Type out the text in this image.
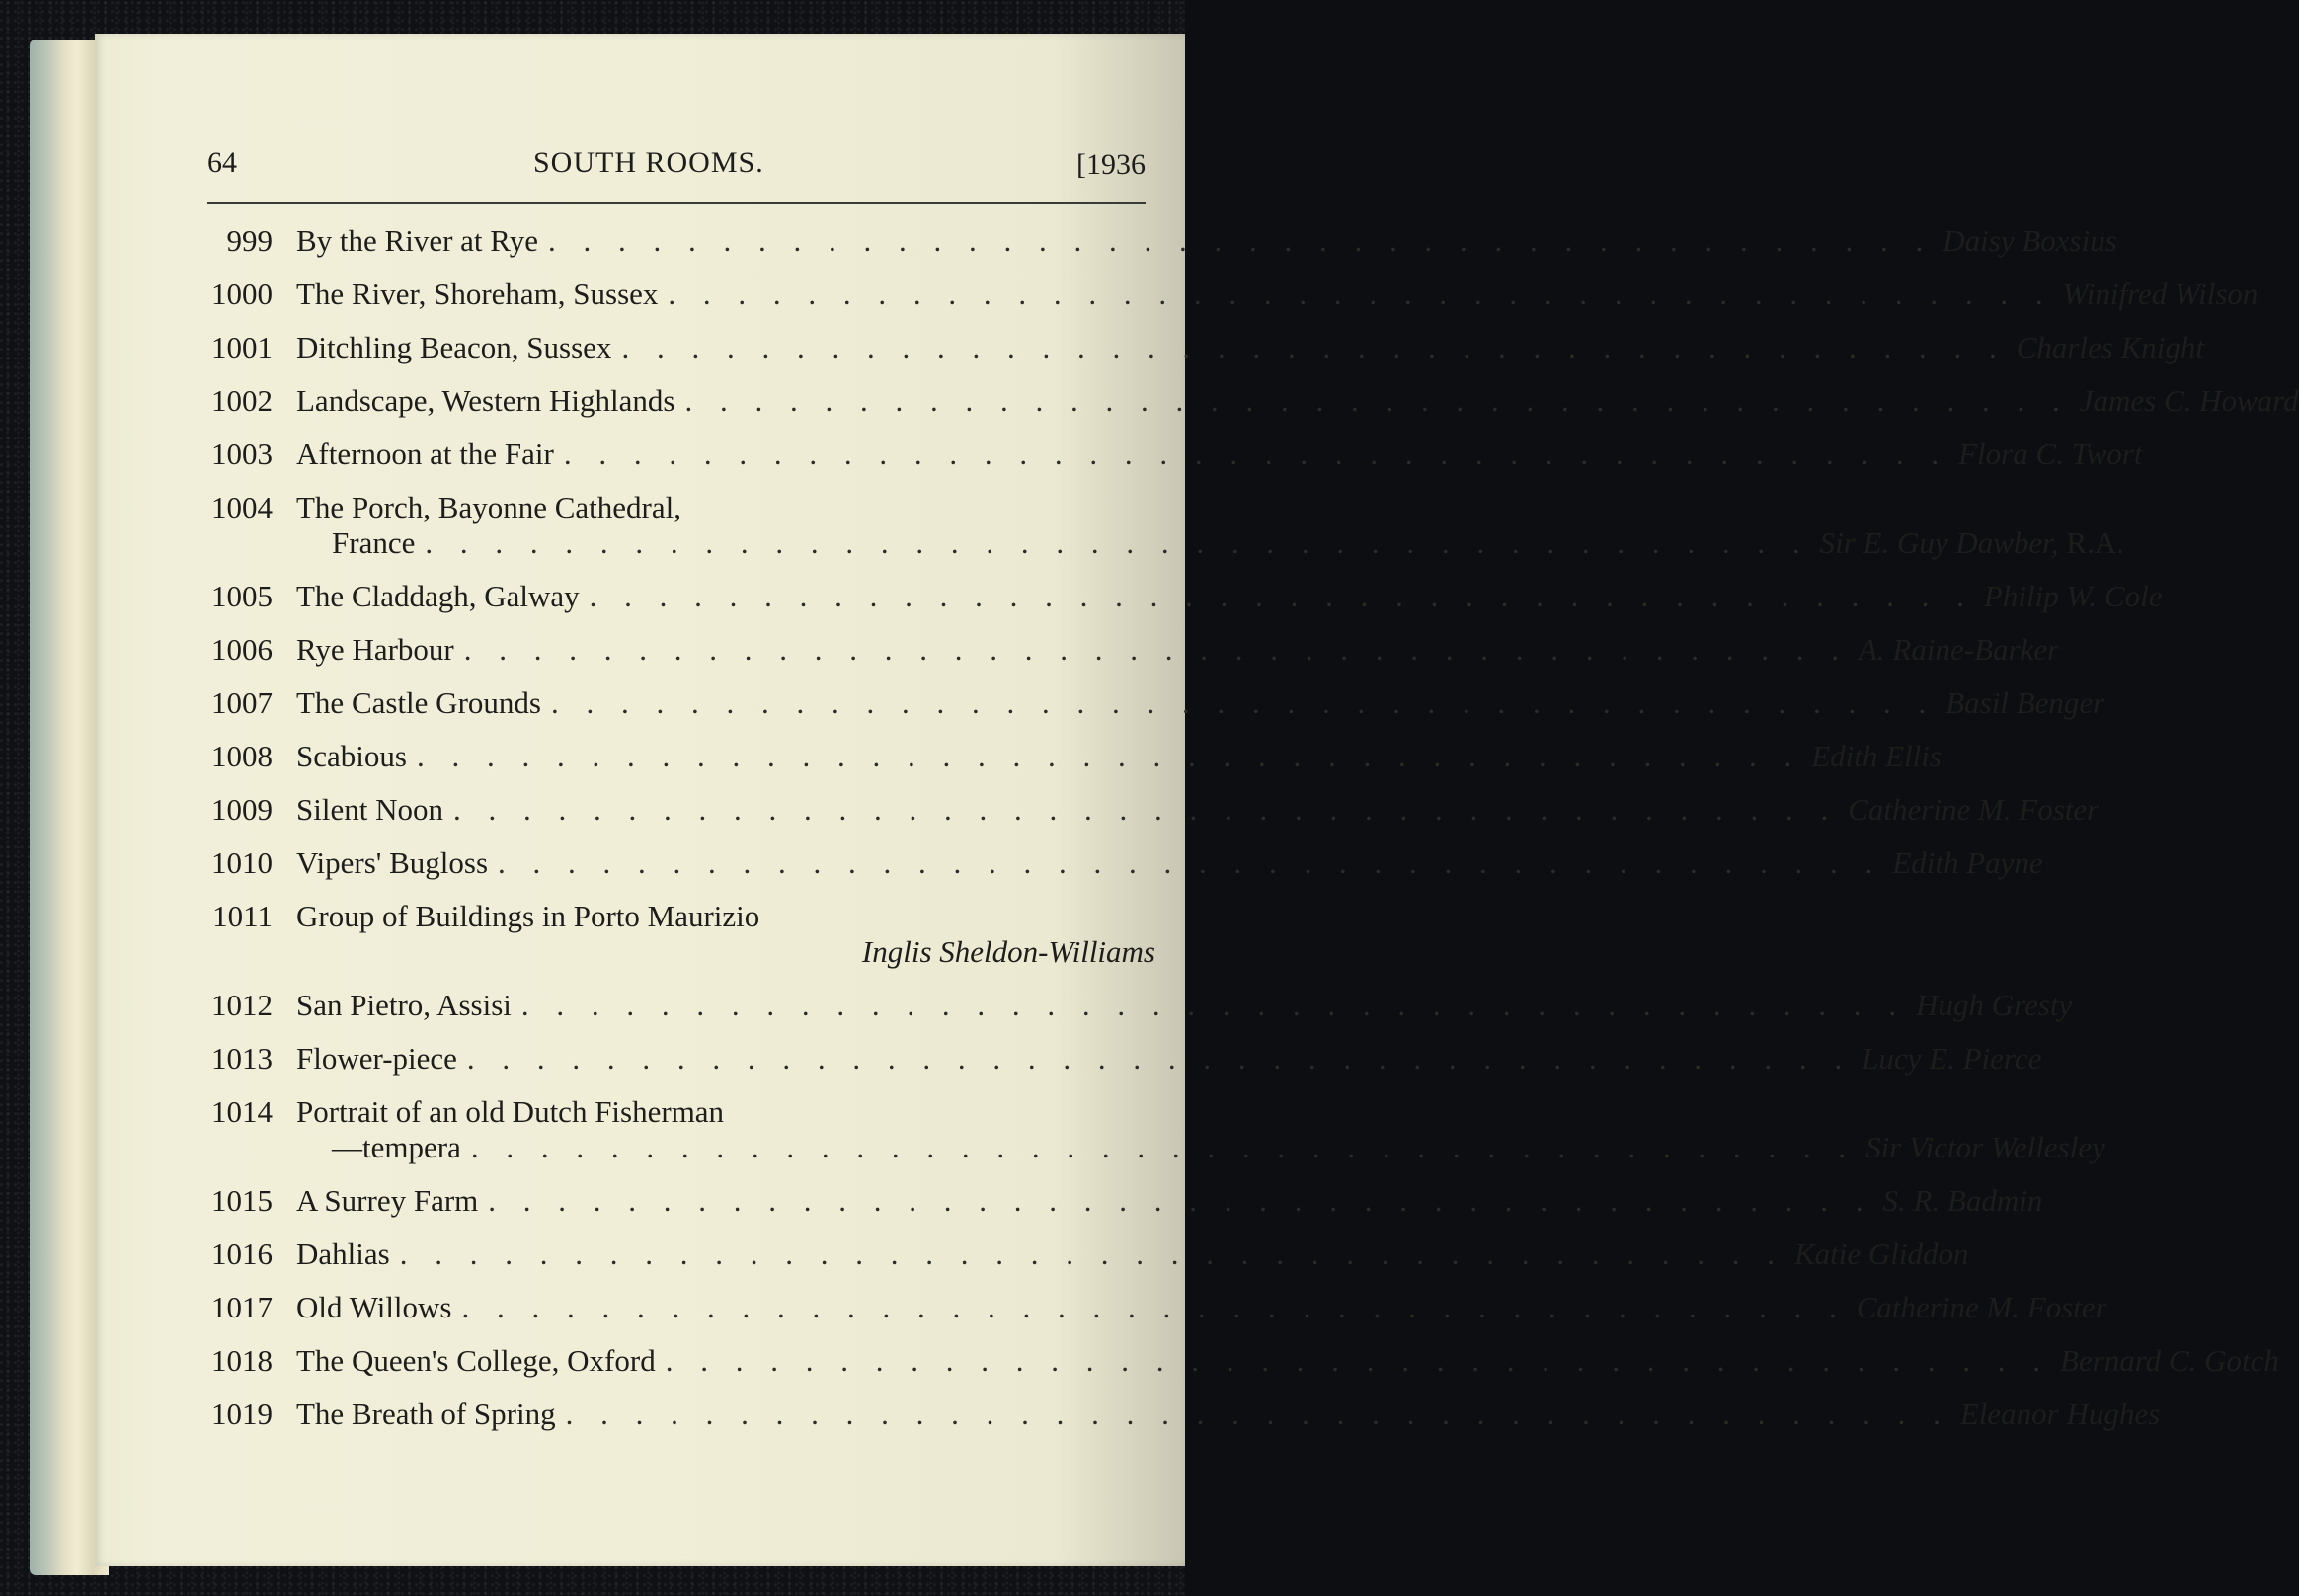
64	SOUTH ROOMS.	[1936
999 By the River at Rye . . . . . . . . . . . . . . . . . . . . . . . . . . . . . . . . . . . . . . . . Daisy Boxsius
1000 The River, Shoreham, Sussex . . . . . . . . . . . . . . . . . . . . . . . . . . . . . . . . . . . . . . . . Winifred Wilson
1001 Ditchling Beacon, Sussex . . . . . . . . . . . . . . . . . . . . . . . . . . . . . . . . . . . . . . . . Charles Knight
1002 Landscape, Western Highlands . . . . . . . . . . . . . . . . . . . . . . . . . . . . . . . . . . . . . . . . James C. Howard
1003 Afternoon at the Fair . . . . . . . . . . . . . . . . . . . . . . . . . . . . . . . . . . . . . . . . Flora C. Twort
1004 The Porch, Bayonne Cathedral,
France . . . . . . . . . . . . . . . . . . . . . . . . . . . . . . . . . . . . . . . . Sir E. Guy Dawber, R.A.
1005 The Claddagh, Galway . . . . . . . . . . . . . . . . . . . . . . . . . . . . . . . . . . . . . . . . Philip W. Cole
1006 Rye Harbour . . . . . . . . . . . . . . . . . . . . . . . . . . . . . . . . . . . . . . . . A. Raine-Barker
1007 The Castle Grounds . . . . . . . . . . . . . . . . . . . . . . . . . . . . . . . . . . . . . . . . Basil Benger
1008 Scabious . . . . . . . . . . . . . . . . . . . . . . . . . . . . . . . . . . . . . . . . Edith Ellis
1009 Silent Noon . . . . . . . . . . . . . . . . . . . . . . . . . . . . . . . . . . . . . . . . Catherine M. Foster
1010 Vipers' Bugloss . . . . . . . . . . . . . . . . . . . . . . . . . . . . . . . . . . . . . . . . Edith Payne
1011 Group of Buildings in Porto Maurizio
Inglis Sheldon-Williams
1012 San Pietro, Assisi . . . . . . . . . . . . . . . . . . . . . . . . . . . . . . . . . . . . . . . . Hugh Gresty
1013 Flower-piece . . . . . . . . . . . . . . . . . . . . . . . . . . . . . . . . . . . . . . . . Lucy E. Pierce
1014 Portrait of an old Dutch Fisherman
—tempera . . . . . . . . . . . . . . . . . . . . . . . . . . . . . . . . . . . . . . . . Sir Victor Wellesley
1015 A Surrey Farm . . . . . . . . . . . . . . . . . . . . . . . . . . . . . . . . . . . . . . . . S. R. Badmin
1016 Dahlias . . . . . . . . . . . . . . . . . . . . . . . . . . . . . . . . . . . . . . . . Katie Gliddon
1017 Old Willows . . . . . . . . . . . . . . . . . . . . . . . . . . . . . . . . . . . . . . . . Catherine M. Foster
1018 The Queen's College, Oxford . . . . . . . . . . . . . . . . . . . . . . . . . . . . . . . . . . . . . . . . Bernard C. Gotch
1019 The Breath of Spring . . . . . . . . . . . . . . . . . . . . . . . . . . . . . . . . . . . . . . . . Eleanor Hughes
